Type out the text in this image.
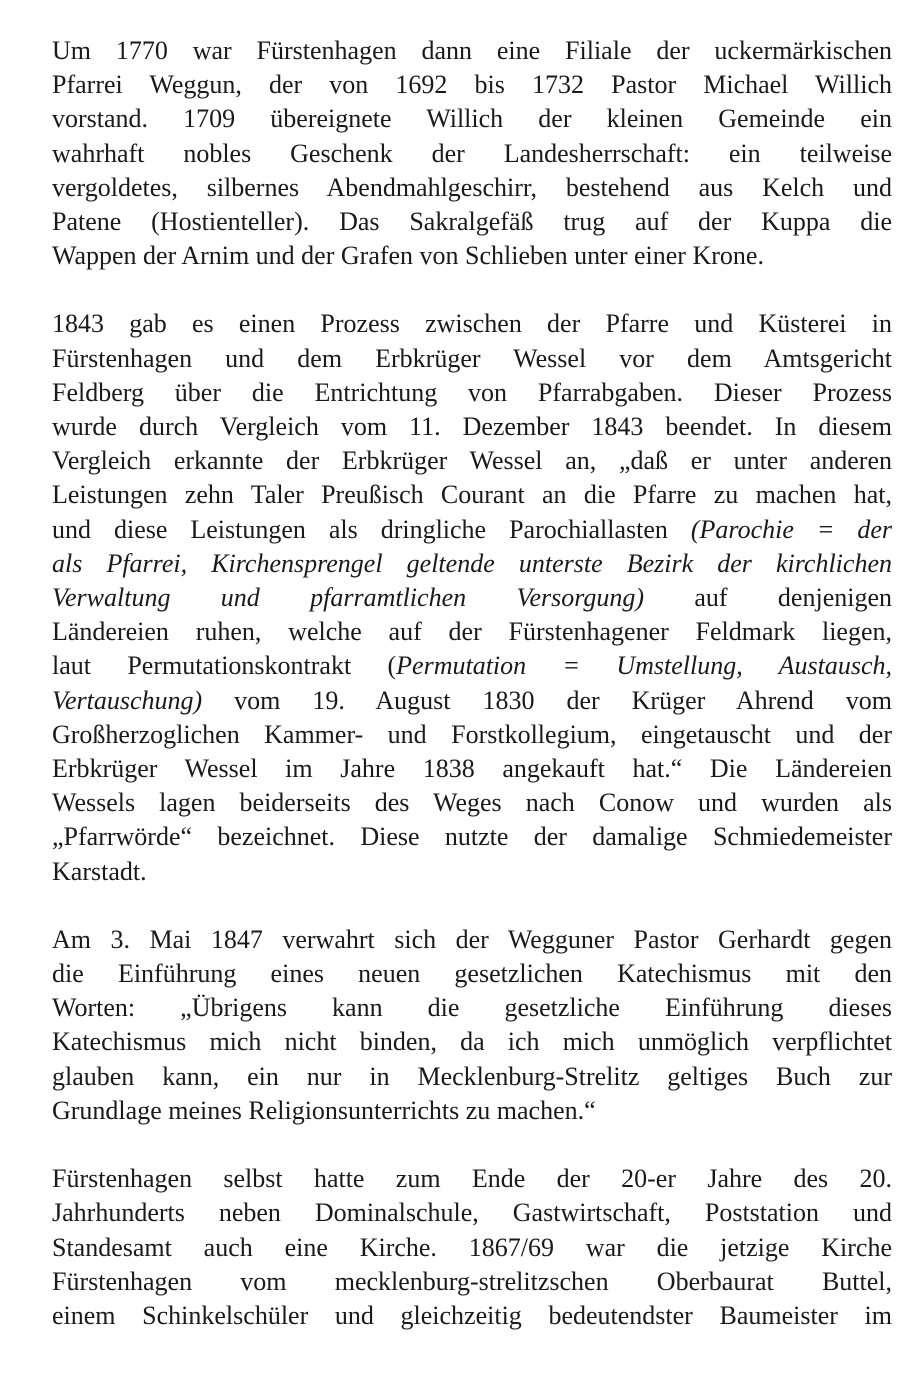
Um 1770 war Fürstenhagen dann eine Filiale der uckermärkischen
Pfarrei Weggun, der von 1692 bis 1732 Pastor Michael Willich
vorstand. 1709 übereignete Willich der kleinen Gemeinde ein
wahrhaft nobles Geschenk der Landesherrschaft: ein teilweise
vergoldetes, silbernes Abendmahlgeschirr, bestehend aus Kelch und
Patene (Hostienteller). Das Sakralgefäß trug auf der Kuppa die
Wappen der Arnim und der Grafen von Schlieben unter einer Krone.

1843 gab es einen Prozess zwischen der Pfarre und Küsterei in
Fürstenhagen und dem Erbkrüger Wessel vor dem Amtsgericht
Feldberg über die Entrichtung von Pfarrabgaben. Dieser Prozess
wurde durch Vergleich vom 11. Dezember 1843 beendet. In diesem
Vergleich erkannte der Erbkrüger Wessel an, „daß er unter anderen
Leistungen zehn Taler Preußisch Courant an die Pfarre zu machen hat,
und diese Leistungen als dringliche Parochiallasten (Parochie = der
als Pfarrei, Kirchensprengel geltende unterste Bezirk der kirchlichen
Verwaltung und pfarramtlichen Versorgung) auf denjenigen
Ländereien ruhen, welche auf der Fürstenhagener Feldmark liegen,
laut Permutationskontrakt (Permutation = Umstellung, Austausch,
Vertauschung) vom 19. August 1830 der Krüger Ahrend vom
Großherzoglichen Kammer- und Forstkollegium, eingetauscht und der
Erbkrüger Wessel im Jahre 1838 angekauft hat.“ Die Ländereien
Wessels lagen beiderseits des Weges nach Conow und wurden als
„Pfarrwörde“ bezeichnet. Diese nutzte der damalige Schmiedemeister
Karstadt.

Am 3. Mai 1847 verwahrt sich der Wegguner Pastor Gerhardt gegen
die Einführung eines neuen gesetzlichen Katechismus mit den
Worten: „Übrigens kann die gesetzliche Einführung dieses
Katechismus mich nicht binden, da ich mich unmöglich verpflichtet
glauben kann, ein nur in Mecklenburg-Strelitz geltiges Buch zur
Grundlage meines Religionsunterrichts zu machen.“

Fürstenhagen selbst hatte zum Ende der 20-er Jahre des 20.
Jahrhunderts neben Dominalschule, Gastwirtschaft, Poststation und
Standesamt auch eine Kirche. 1867/69 war die jetzige Kirche
Fürstenhagen vom mecklenburg-strelitzschen Oberbaurat Buttel,
einem Schinkelschüler und gleichzeitig bedeutendster Baumeister im
